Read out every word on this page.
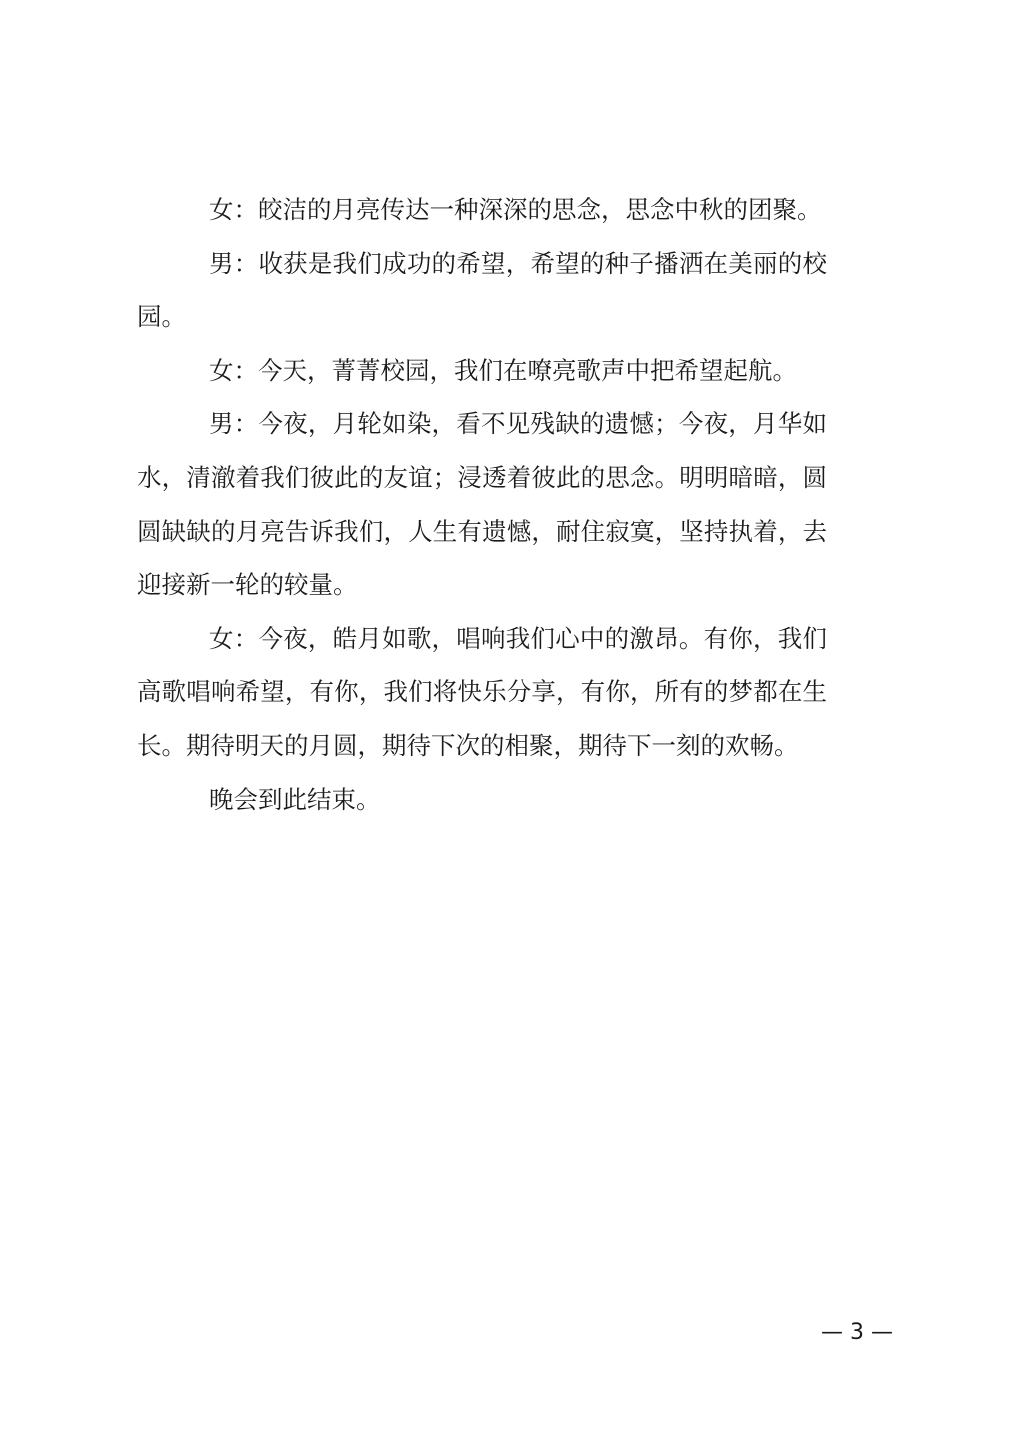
女：皎洁的月亮传达一种深深的思念，思念中秋的团聚。

男：收获是我们成功的希望，希望的种子播洒在美丽的校园。

女：今天，菁菁校园，我们在嘹亮歌声中把希望起航。

男：今夜，月轮如染，看不见残缺的遗憾；今夜，月华如水，清澈着我们彼此的友谊；浸透着彼此的思念。明明暗暗，圆圆缺缺的月亮告诉我们，人生有遗憾，耐住寂寞，坚持执着，去迎接新一轮的较量。

女：今夜，皓月如歌，唱响我们心中的激昂。有你，我们高歌唱响希望，有你，我们将快乐分享，有你，所有的梦都在生长。期待明天的月圆，期待下次的相聚，期待下一刻的欢畅。

晚会到此结束。

— 3 —
